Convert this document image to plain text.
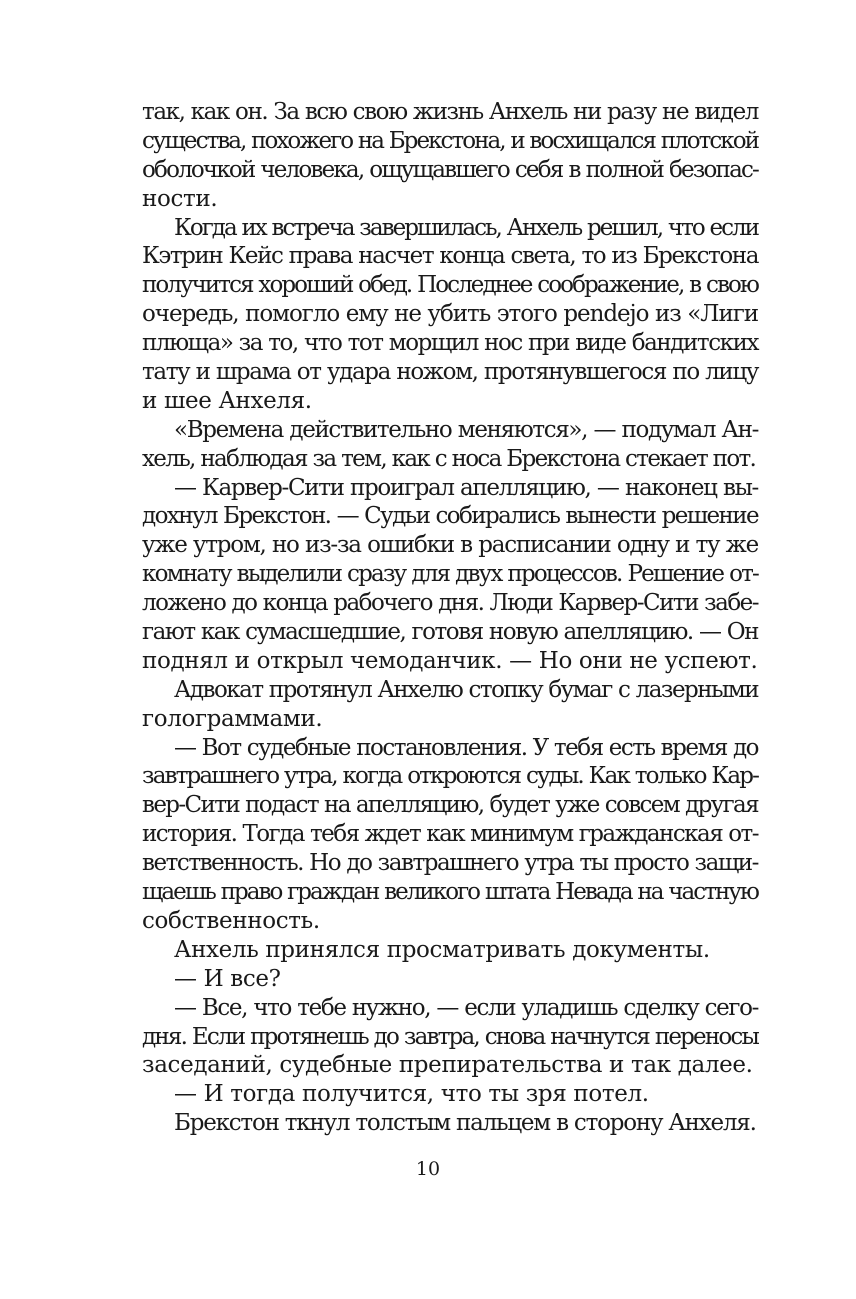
так, как он. За всю свою жизнь Анхель ни разу не видел
существа, похожего на Брекстона, и восхищался плотской
оболочкой человека, ощущавшего себя в полной безопас-
ности.
Когда их встреча завершилась, Анхель решил, что если
Кэтрин Кейс права насчет конца света, то из Брекстона
получится хороший обед. Последнее соображение, в свою
очередь, помогло ему не убить этого pendejo из «Лиги
плюща» за то, что тот морщил нос при виде бандитских
тату и шрама от удара ножом, протянувшегося по лицу
и шее Анхеля.
«Времена действительно меняются», — подумал Ан-
хель, наблюдая за тем, как с носа Брекстона стекает пот.
— Карвер-Сити проиграл апелляцию, — наконец вы-
дохнул Брекстон. — Судьи собирались вынести решение
уже утром, но из-за ошибки в расписании одну и ту же
комнату выделили сразу для двух процессов. Решение от-
ложено до конца рабочего дня. Люди Карвер-Сити забе-
гают как сумасшедшие, готовя новую апелляцию. — Он
поднял и открыл чемоданчик. — Но они не успеют.
Адвокат протянул Анхелю стопку бумаг с лазерными
голограммами.
— Вот судебные постановления. У тебя есть время до
завтрашнего утра, когда откроются суды. Как только Кар-
вер-Сити подаст на апелляцию, будет уже совсем другая
история. Тогда тебя ждет как минимум гражданская от-
ветственность. Но до завтрашнего утра ты просто защи-
щаешь право граждан великого штата Невада на частную
собственность.
Анхель принялся просматривать документы.
— И все?
— Все, что тебе нужно, — если уладишь сделку сего-
дня. Если протянешь до завтра, снова начнутся переносы
заседаний, судебные препирательства и так далее.
— И тогда получится, что ты зря потел.
Брекстон ткнул толстым пальцем в сторону Анхеля.
10
